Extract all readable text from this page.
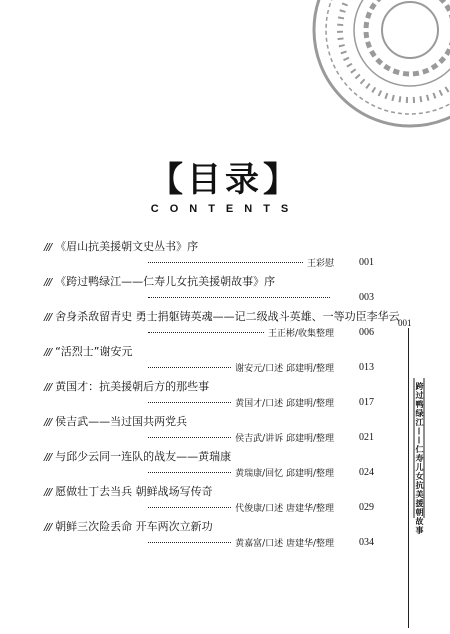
【目录】
CONTENTS
/// 《眉山抗美援朝文史丛书》序
王彩慰	001
/// 《跨过鸭绿江——仁寿儿女抗美援朝故事》序
003
/// 舍身杀敌留青史 勇士捐躯铸英魂——记二级战斗英雄、一等功臣李华云
王正彬/收集整理	006
/// “活烈士”谢安元
谢安元/口述 邱建明/整理	013
/// 黄国才：抗美援朝后方的那些事
黄国才/口述 邱建明/整理	017
/// 侯吉武——当过国共两党兵
侯吉武/讲诉 邱建明/整理	021
/// 与邱少云同一连队的战友——黄瑞康
黄瑞康/回忆 邱建明/整理	024
/// 愿做壮丁去当兵 朝鲜战场写传奇
代俊康/口述 唐建华/整理	029
/// 朝鲜三次险丢命 开车两次立新功
黄嘉富/口述 唐建华/整理	034
001
跨过鸭绿江——仁寿儿女抗美援朝故事
